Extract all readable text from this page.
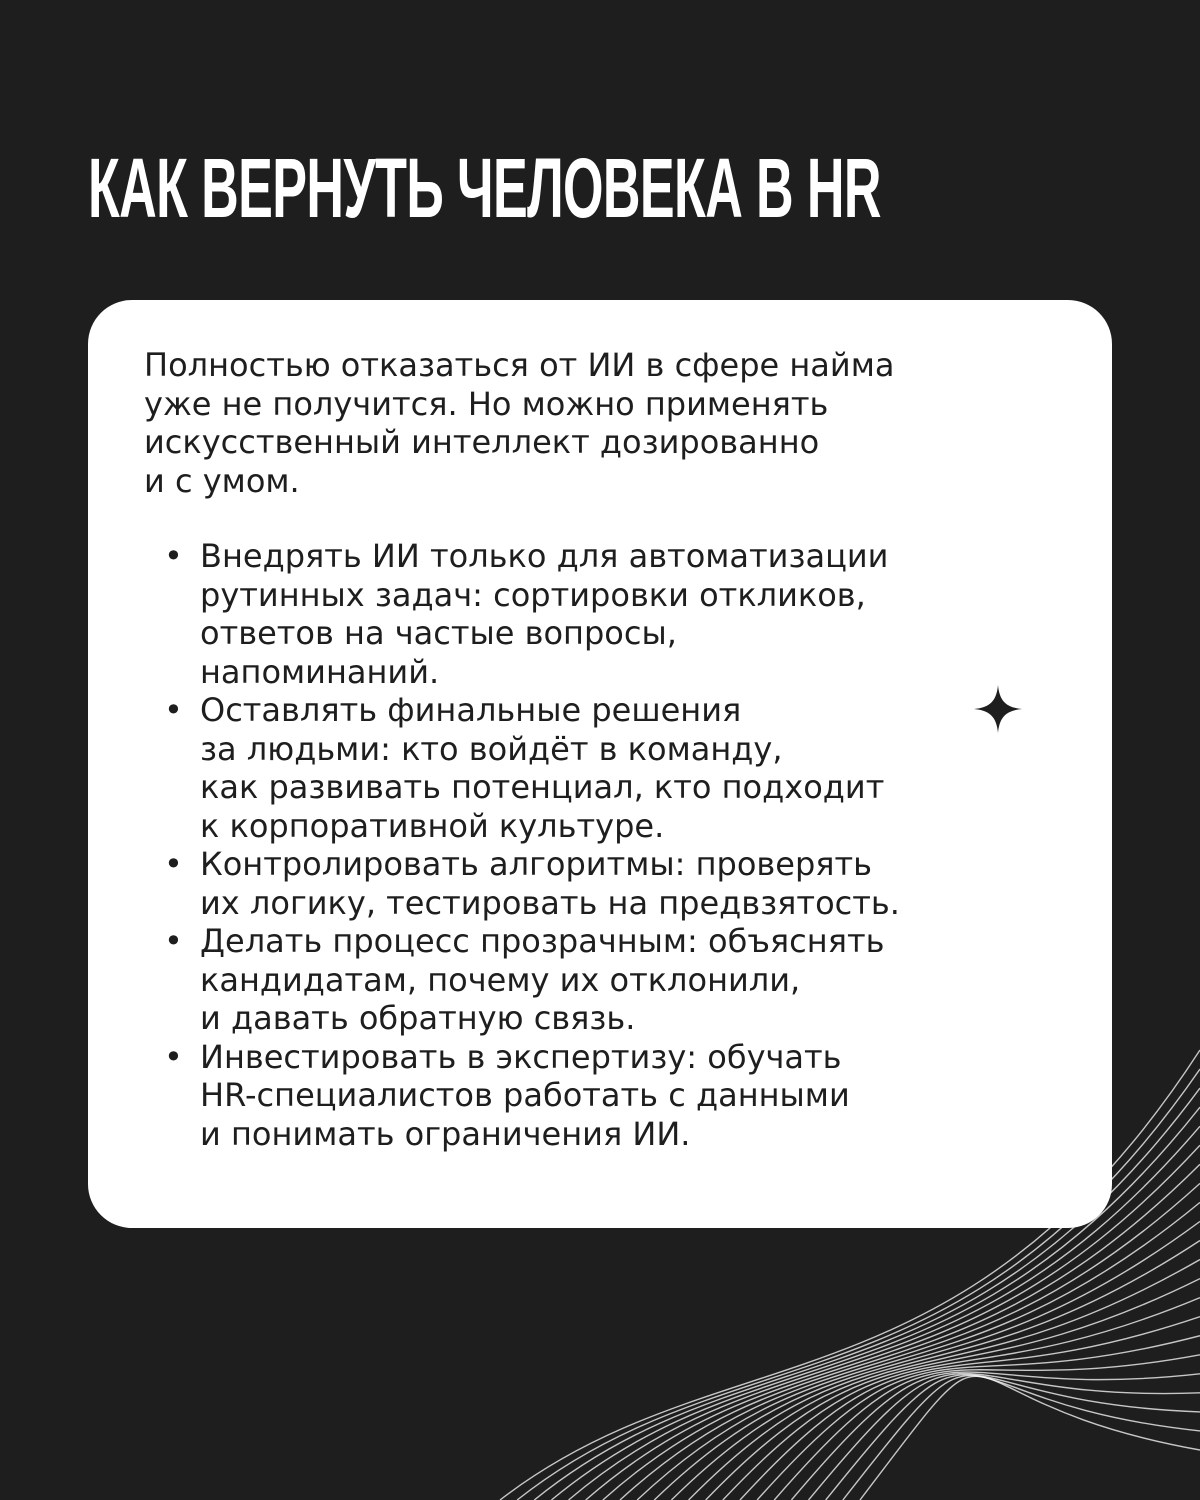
КАК ВЕРНУТЬ ЧЕЛОВЕКА В HR

Полностью отказаться от ИИ в сфере найма
уже не получится. Но можно применять
искусственный интеллект дозированно
и с умом.

• Внедрять ИИ только для автоматизации
рутинных задач: сортировки откликов,
ответов на частые вопросы,
напоминаний.
• Оставлять финальные решения
за людьми: кто войдёт в команду,
как развивать потенциал, кто подходит
к корпоративной культуре.
• Контролировать алгоритмы: проверять
их логику, тестировать на предвзятость.
• Делать процесс прозрачным: объяснять
кандидатам, почему их отклонили,
и давать обратную связь.
• Инвестировать в экспертизу: обучать
HR-специалистов работать с данными
и понимать ограничения ИИ.
